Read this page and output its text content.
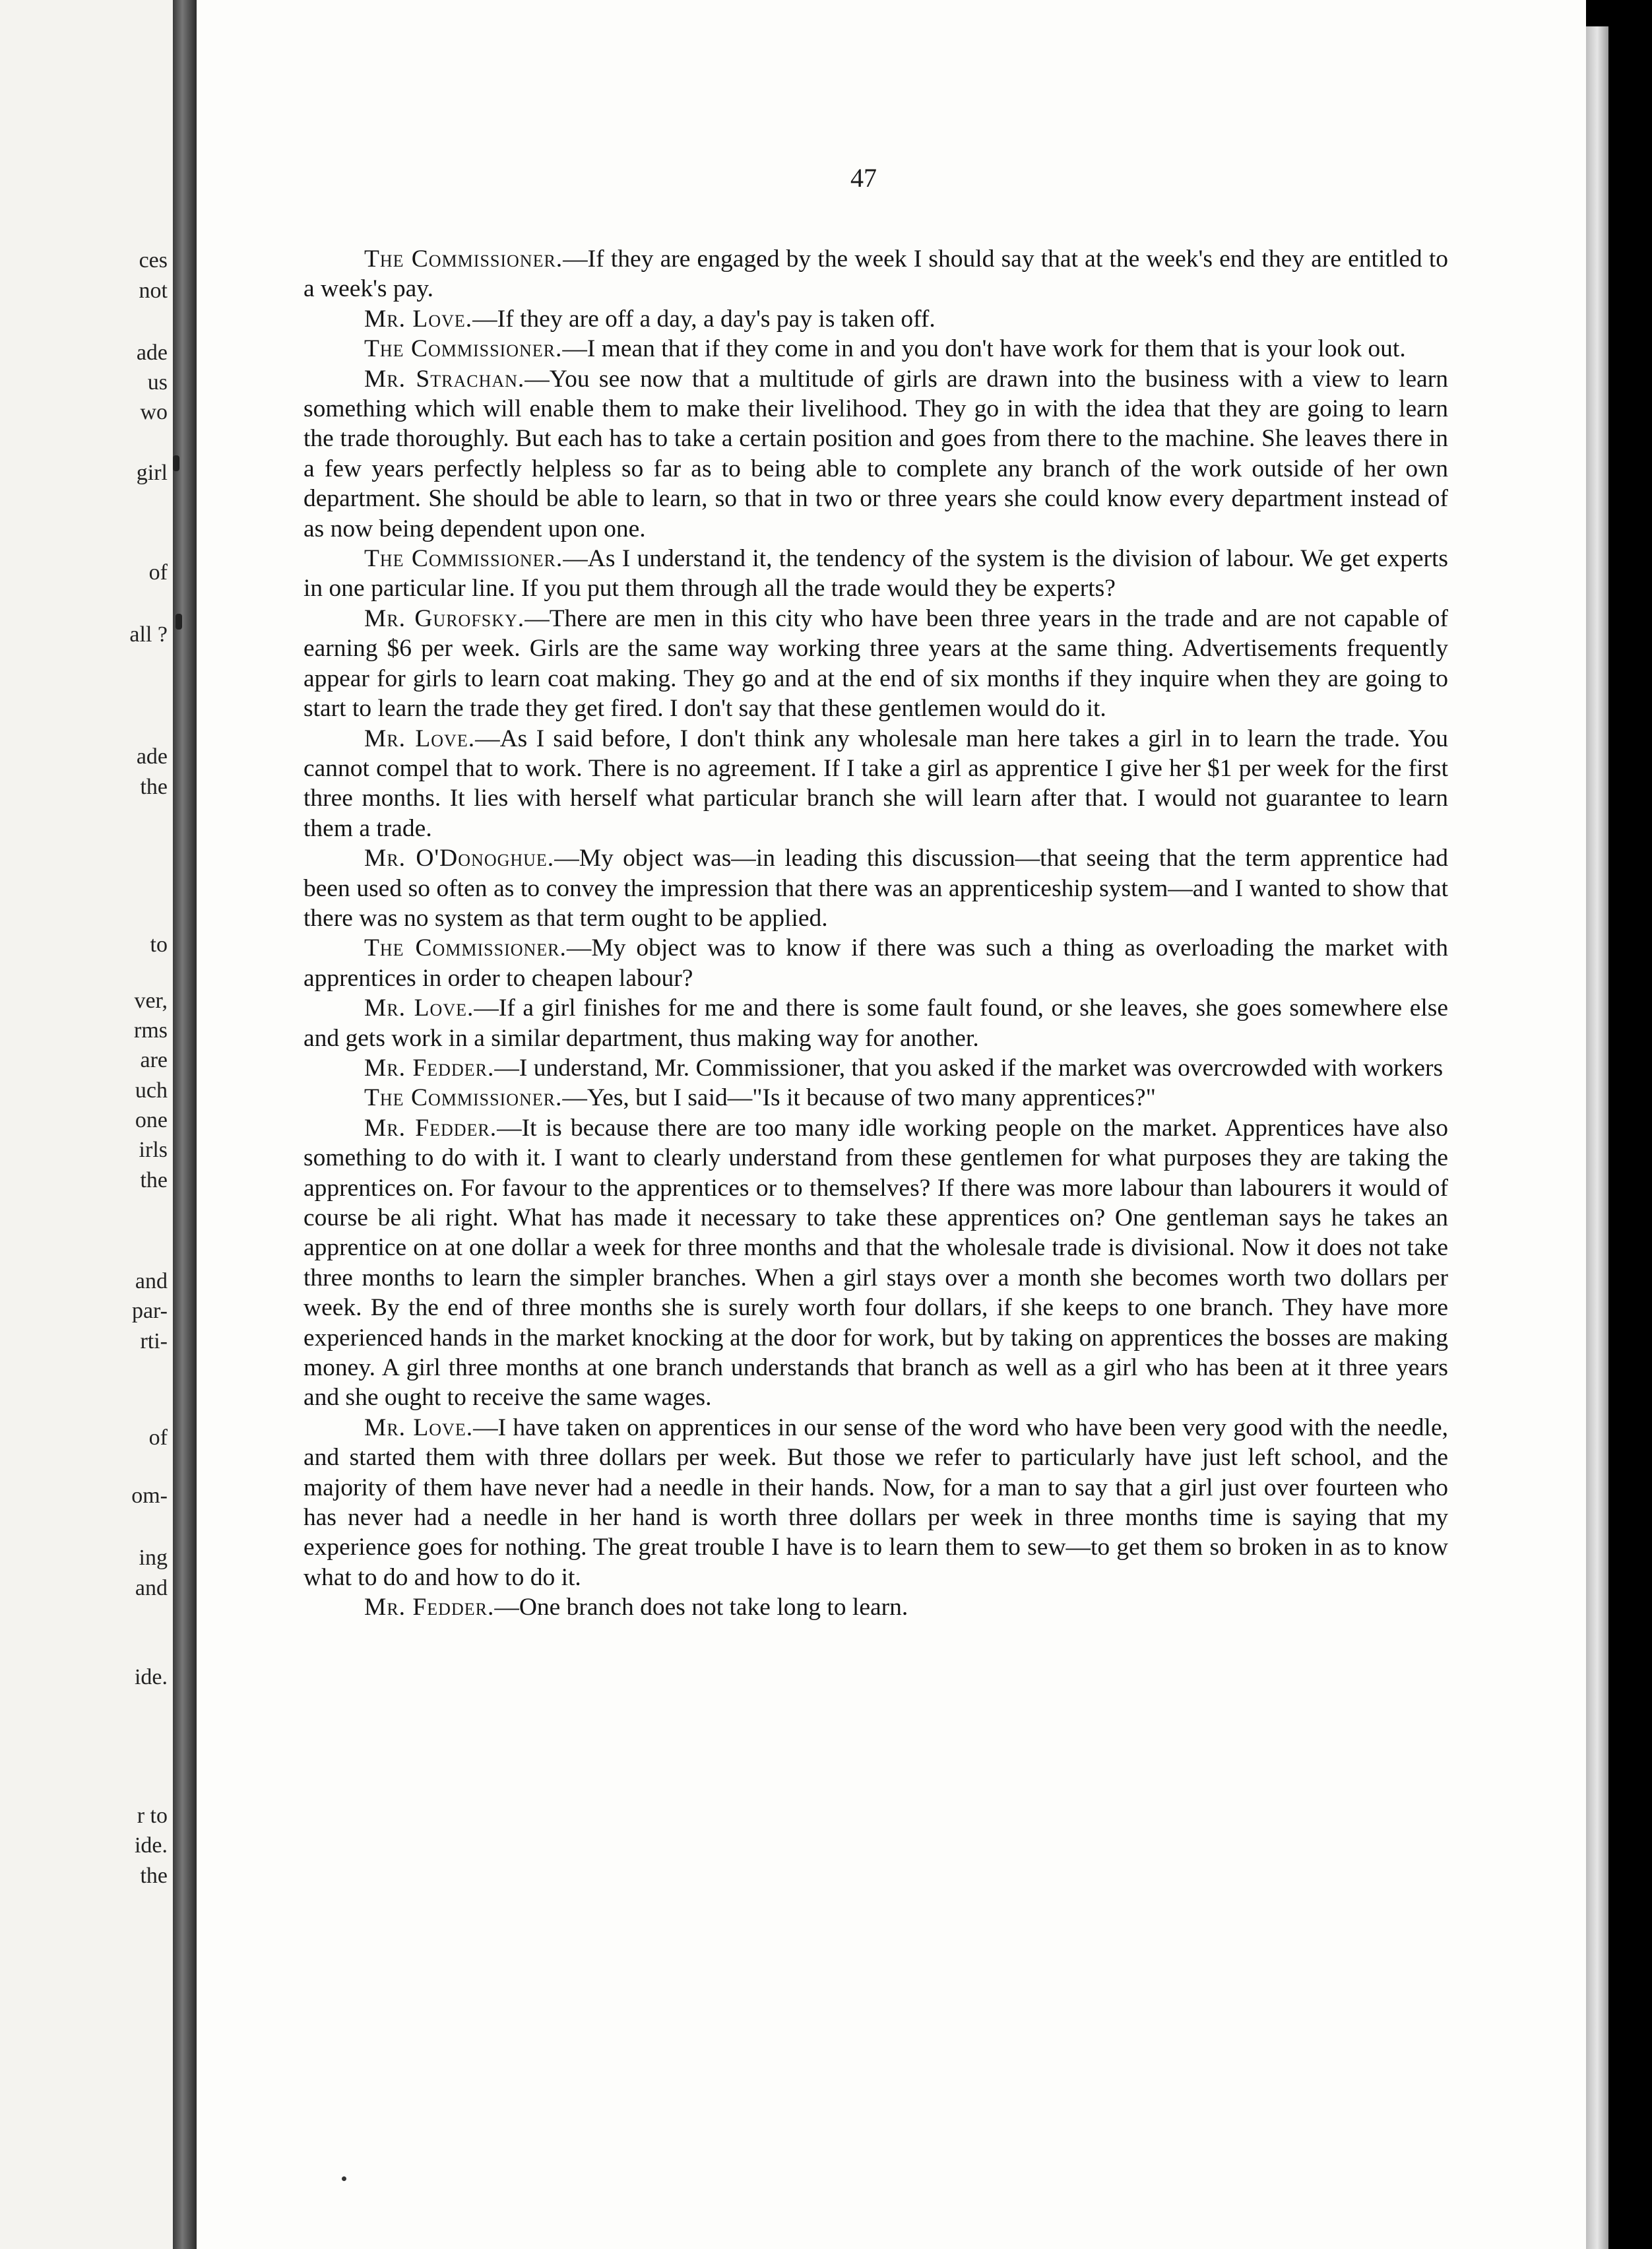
ces
not
ade
us
wo
girl
of
all ?
ade
the
to
ver,
rms
are
uch
one
irls
the
and
par-
rti-
of
om-
ing
and
ide.
r to
ide.
the
47

The Commissioner.—If they are engaged by the week I should say that at the week's end they are entitled to a week's pay.

Mr. Love.—If they are off a day, a day's pay is taken off.

The Commissioner.—I mean that if they come in and you don't have work for them that is your look out.

Mr. Strachan.—You see now that a multitude of girls are drawn into the business with a view to learn something which will enable them to make their livelihood. They go in with the idea that they are going to learn the trade thoroughly. But each has to take a certain position and goes from there to the machine. She leaves there in a few years perfectly helpless so far as to being able to complete any branch of the work outside of her own department. She should be able to learn, so that in two or three years she could know every department instead of as now being dependent upon one.

The Commissioner.—As I understand it, the tendency of the system is the division of labour. We get experts in one particular line. If you put them through all the trade would they be experts?

Mr. Gurofsky.—There are men in this city who have been three years in the trade and are not capable of earning $6 per week. Girls are the same way working three years at the same thing. Advertisements frequently appear for girls to learn coat making. They go and at the end of six months if they inquire when they are going to start to learn the trade they get fired. I don't say that these gentlemen would do it.

Mr. Love.—As I said before, I don't think any wholesale man here takes a girl in to learn the trade. You cannot compel that to work. There is no agreement. If I take a girl as apprentice I give her $1 per week for the first three months. It lies with herself what particular branch she will learn after that. I would not guarantee to learn them a trade.

Mr. O'Donoghue.—My object was—in leading this discussion—that seeing that the term apprentice had been used so often as to convey the impression that there was an apprenticeship system—and I wanted to show that there was no system as that term ought to be applied.

The Commissioner.—My object was to know if there was such a thing as overloading the market with apprentices in order to cheapen labour?

Mr. Love.—If a girl finishes for me and there is some fault found, or she leaves, she goes somewhere else and gets work in a similar department, thus making way for another.

Mr. Fedder.—I understand, Mr. Commissioner, that you asked if the market was overcrowded with workers

The Commissioner.—Yes, but I said—"Is it because of two many apprentices?"

Mr. Fedder.—It is because there are too many idle working people on the market. Apprentices have also something to do with it. I want to clearly understand from these gentlemen for what purposes they are taking the apprentices on. For favour to the apprentices or to themselves? If there was more labour than labourers it would of course be ali right. What has made it necessary to take these apprentices on? One gentleman says he takes an apprentice on at one dollar a week for three months and that the wholesale trade is divisional. Now it does not take three months to learn the simpler branches. When a girl stays over a month she becomes worth two dollars per week. By the end of three months she is surely worth four dollars, if she keeps to one branch. They have more experienced hands in the market knocking at the door for work, but by taking on apprentices the bosses are making money. A girl three months at one branch understands that branch as well as a girl who has been at it three years and she ought to receive the same wages.

Mr. Love.—I have taken on apprentices in our sense of the word who have been very good with the needle, and started them with three dollars per week. But those we refer to particularly have just left school, and the majority of them have never had a needle in their hands. Now, for a man to say that a girl just over fourteen who has never had a needle in her hand is worth three dollars per week in three months time is saying that my experience goes for nothing. The great trouble I have is to learn them to sew—to get them so broken in as to know what to do and how to do it.

Mr. Fedder.—One branch does not take long to learn.
